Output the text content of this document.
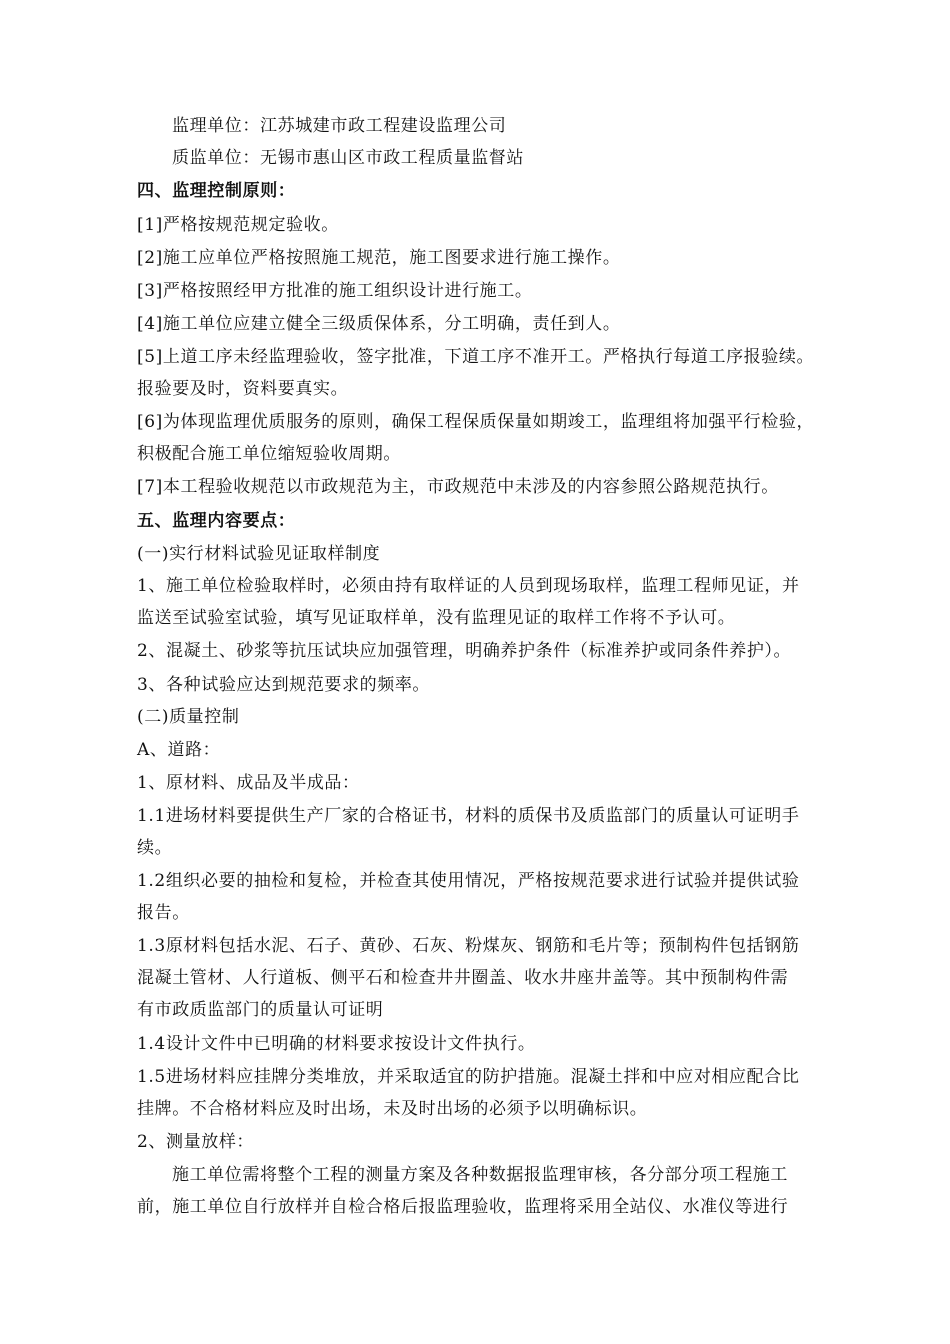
监理单位：江苏城建市政工程建设监理公司
质监单位：无锡市惠山区市政工程质量监督站
四、监理控制原则：
[1]严格按规范规定验收。
[2]施工应单位严格按照施工规范，施工图要求进行施工操作。
[3]严格按照经甲方批准的施工组织设计进行施工。
[4]施工单位应建立健全三级质保体系，分工明确，责任到人。
[5]上道工序未经监理验收，签字批准，下道工序不准开工。严格执行每道工序报验续。
报验要及时，资料要真实。
[6]为体现监理优质服务的原则，确保工程保质保量如期竣工，监理组将加强平行检验，
积极配合施工单位缩短验收周期。
[7]本工程验收规范以市政规范为主，市政规范中未涉及的内容参照公路规范执行。
五、监理内容要点：
(一)实行材料试验见证取样制度
1、施工单位检验取样时，必须由持有取样证的人员到现场取样，监理工程师见证，并
监送至试验室试验，填写见证取样单，没有监理见证的取样工作将不予认可。
2、混凝土、砂浆等抗压试块应加强管理，明确养护条件（标准养护或同条件养护）。
3、各种试验应达到规范要求的频率。
(二)质量控制
A、道路：
1、原材料、成品及半成品：
1.1进场材料要提供生产厂家的合格证书，材料的质保书及质监部门的质量认可证明手
续。
1.2组织必要的抽检和复检，并检查其使用情况，严格按规范要求进行试验并提供试验
报告。
1.3原材料包括水泥、石子、黄砂、石灰、粉煤灰、钢筋和毛片等；预制构件包括钢筋
混凝土管材、人行道板、侧平石和检查井井圈盖、收水井座井盖等。其中预制构件需
有市政质监部门的质量认可证明
1.4设计文件中已明确的材料要求按设计文件执行。
1.5进场材料应挂牌分类堆放，并采取适宜的防护措施。混凝土拌和中应对相应配合比
挂牌。不合格材料应及时出场，未及时出场的必须予以明确标识。
2、测量放样：
施工单位需将整个工程的测量方案及各种数据报监理审核，各分部分项工程施工
前，施工单位自行放样并自检合格后报监理验收，监理将采用全站仪、水准仪等进行
